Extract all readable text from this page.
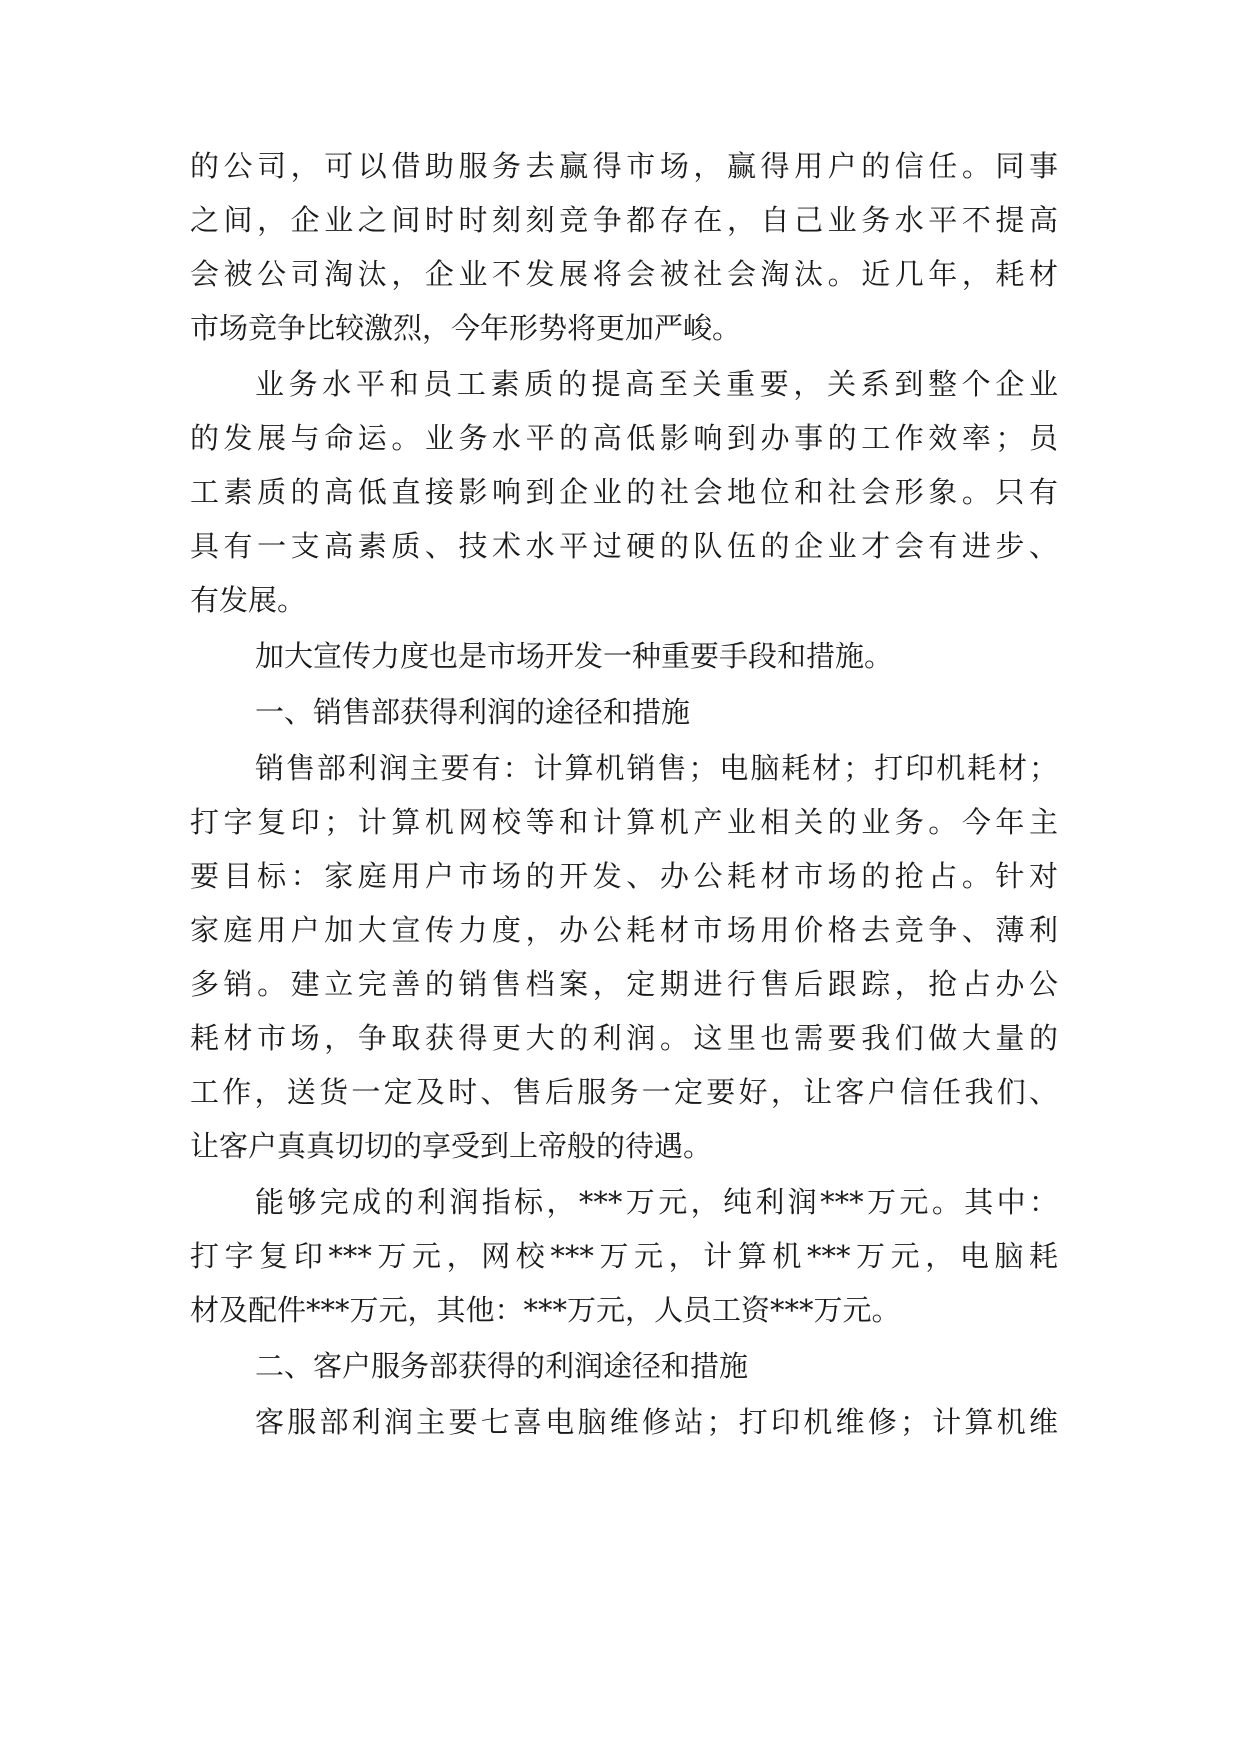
的公司，可以借助服务去赢得市场，赢得用户的信任。同事
之间，企业之间时时刻刻竞争都存在，自己业务水平不提高
会被公司淘汰，企业不发展将会被社会淘汰。近几年，耗材
市场竞争比较激烈，今年形势将更加严峻。
业务水平和员工素质的提高至关重要，关系到整个企业
的发展与命运。业务水平的高低影响到办事的工作效率；员
工素质的高低直接影响到企业的社会地位和社会形象。只有
具有一支高素质、技术水平过硬的队伍的企业才会有进步、
有发展。
加大宣传力度也是市场开发一种重要手段和措施。
一、销售部获得利润的途径和措施
销售部利润主要有：计算机销售；电脑耗材；打印机耗材；
打字复印；计算机网校等和计算机产业相关的业务。今年主
要目标：家庭用户市场的开发、办公耗材市场的抢占。针对
家庭用户加大宣传力度，办公耗材市场用价格去竞争、薄利
多销。建立完善的销售档案，定期进行售后跟踪，抢占办公
耗材市场，争取获得更大的利润。这里也需要我们做大量的
工作，送货一定及时、售后服务一定要好，让客户信任我们、
让客户真真切切的享受到上帝般的待遇。
能够完成的利润指标，***万元，纯利润***万元。其中：
打字复印***万元，网校***万元，计算机***万元，电脑耗
材及配件***万元，其他：***万元，人员工资***万元。
二、客户服务部获得的利润途径和措施
客服部利润主要七喜电脑维修站；打印机维修；计算机维
